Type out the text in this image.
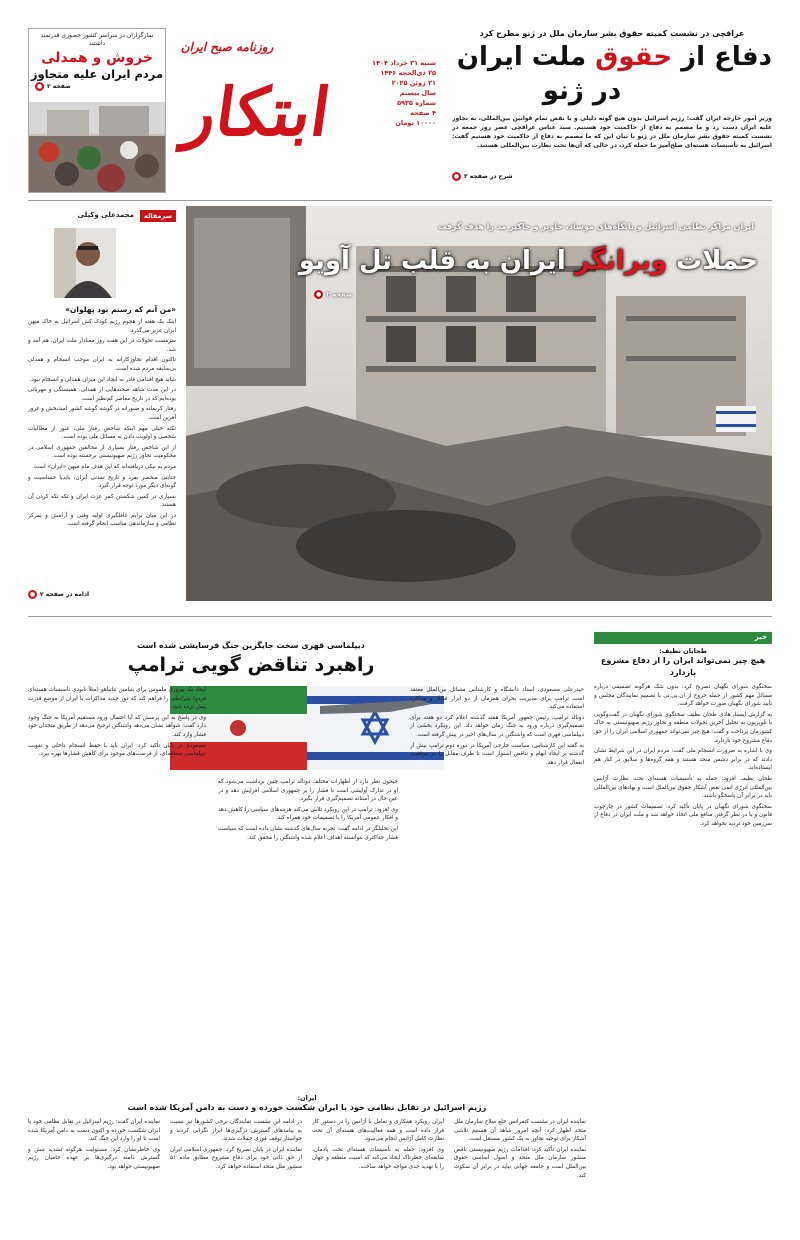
روزنامه صبح ایران
ابتکار
شنبه ۳۱ خرداد ۱۴۰۴
۲۵ ذی‌الحجه ۱۴۴۶
۲۱ ژوئن ۲۰۲۵
سال بیستم
شماره ۵۹۳۵
۴ صفحه
۱۰۰۰۰ تومان
نمازگزاران در سراسر کشور حضوری قدرتمند داشتند
خروش و همدلی
مردم ایران علیه متجاوز
صفحه ۲●
عراقچی در نشست کمیته حقوق بشر سازمان ملل در ژنو مطرح کرد
دفاع از حقوق ملت ایران
در ژنو
وزیر امور خارجه ایران گفت: رژیم اسرائیل بدون هیچ گونه دلیلی و با نقض تمام قوانین بین‌المللی، به تجاوز علیه ایران دست زد و ما مصمم به دفاع از حاکمیت خود هستیم. سید عباس عراقچی عصر روز جمعه در نشست کمیته حقوق بشر سازمان ملل در ژنو با بیان این که ما مصمم به دفاع از حاکمیت خود هستیم گفت: اسرائیل به تأسیسات هسته‌ای صلح‌آمیز ما حمله کرد، در حالی که آن‌ها تحت نظارت بین‌المللی هستند.
شرح در صفحه ۲●
سرمقاله
محمدعلی وکیلی
«من آنم که رستم بود پهلوان»

اینک یک هفته از هجوم رژیم کودک کش اسرائیل به خاک میهن ایران عزیز می‌گذرد.

سرمست تحولات در این هفت روز معنادار ملت ایران، هم آمد و شد.

تاکنون اقدام تجاوزکارانه به ایران موجب انسجام و همدلی بی‌سابقه مردم شده است.

شاید هیچ اقدامی قادر به ایجاد این میزان همدلی و انسجام نبود.

در این مدت شاهد صحنه‌هایی از همدلی، همبستگی و مهربانی بوده‌ایم که در تاریخ معاصر کم‌نظیر است.

رفتار کریمانه و صبورانه در گوشه گوشه کشور امیدبخش و غرور آفرین است.

نکته خیلی مهم اینکه شاخص رفتار ملی، عبور از مطالبات شخصی و اولویت دادن به مسائل ملی بوده است.

از این شاخص رفتار بسیاری از مخالفین جمهوری اسلامی در محکومیت تجاوز رژیم صهیونیستی برجسته بوده است.

مردم به نیکی دریافته‌اند که این هدف مام میهن «ایران» است.

جنایتی منحصر بفرد و تاریخ تمدنی ایران، بایدبا حساسیت و گونه‌ای دیگر مورد توجه قرار گیرد.

بسیاری در کمین شکستن کمر عزت ایران و تکه تکه کردن آن هستند.

در این میان برایم غافلگیری اولیه وقتی و آرامش و تمرکز نظامی و سازماندهی مناسب انجام گرفته است.

ادامه در صفحه ۲●
ایران مراکز نظامی اسرائیل و پایگاه‌های موساد، خاویر و حاکیر مد را هدف گرفت
حملات ویرانگر ایران به قلب تل آویو
صفحه ۲●
خبر
ظحایان نظیف:
هیچ چیز نمی‌تواند ایران را از دفاع مشروع بازدارد

سخنگوی شورای نگهبان تصریح کرد: بدون شک هرگونه تصمیمی درباره مسائل مهم کشور از جمله خروج از ان.پی.تی با تصمیم نمایندگان مجلس و تأیید شورای نگهبان صورت خواهد گرفت.

به گزارش ایسنا، هادی طحان نظیف سخنگوی شورای نگهبان در گفت‌وگویی با تلویزیون به تحلیل آخرین تحولات منطقه و تجاوز رژیم صهیونیستی به خاک کشورمان پرداخت و گفت: هیچ چیز نمی‌تواند جمهوری اسلامی ایران را از حق دفاع مشروع خود بازدارد.

وی با اشاره به ضرورت انسجام ملی گفت: مردم ایران در این شرایط نشان دادند که در برابر دشمن متحد هستند و همه گروه‌ها و سلایق در کنار هم ایستاده‌اند.

طحان نظیف افزود: حمله به تأسیسات هسته‌ای تحت نظارت آژانس بین‌المللی انرژی اتمی نقض آشکار حقوق بین‌الملل است و نهادهای بین‌المللی باید در برابر آن پاسخگو باشند.

سخنگوی شورای نگهبان در پایان تأکید کرد: تصمیمات کشور در چارچوب قانون و با در نظر گرفتن منافع ملی اتخاذ خواهد شد و ملت ایران در دفاع از سرزمین خود تردید نخواهد کرد.

دیپلماسی قهری سخت جایگزین جنگ فرسایشی شده است
راهبرد تناقض گویی ترامپ

حیدرعلی مسعودی، استاد دانشگاه و کارشناس مسائل بین‌الملل معتقد است ترامپ برای مدیریت بحران همزمان از دو ابزار فشار و مذاکره استفاده می‌کند.

دونالد ترامپ، رئیس جمهور آمریکا هفته گذشته اعلام کرد دو هفته برای تصمیم‌گیری درباره ورود به جنگ زمان خواهد داد. این رویکرد بخشی از دیپلماسی قهری است که واشنگتن در سال‌های اخیر در پیش گرفته است.

به گفته این کارشناس، سیاست خارجی آمریکا در دوره دوم ترامپ بیش از گذشته بر ایجاد ابهام و تناقض استوار است تا طرف مقابل را در موقعیت انفعال قرار دهد.

جیحون نظر دارد از اظهارات مختلف دونالد ترامپ چنین برداشت می‌شود که او در تدارک آوایشی است تا فشار را بر جمهوری اسلامی افزایش دهد و در عین حال در آستانه تصمیم‌گیری قرار بگیرد.

وی افزود: ترامپ در این رویکرد تلاش می‌کند هزینه‌های سیاسی را کاهش دهد و افکار عمومی آمریکا را با تصمیمات خود همراه کند.

این تحلیلگر در ادامه گفت: تجربه سال‌های گذشته نشان داده است که سیاست فشار حداکثری نتوانسته اهداف اعلام شده واشنگتن را محقق کند.

ایجاد یک پیروزی ملموس برای بنیامین نتانیاهو (مثلاً نابودی تأسیسات هسته‌ای فردو) شرایطی را فراهم کند که دور جدید مذاکرات با ایران از موضع قدرت پیش برده شود.

وی در پاسخ به این پرسش که آیا احتمال ورود مستقیم آمریکا به جنگ وجود دارد گفت: شواهد نشان می‌دهد واشنگتن ترجیح می‌دهد از طریق متحدان خود فشار وارد کند.

مسعودی در پایان تأکید کرد: ایران باید با حفظ انسجام داخلی و تقویت دیپلماسی منطقه‌ای، از فرصت‌های موجود برای کاهش فشارها بهره ببرد.

ایران:
رژیم اسرائیل در تقابل نظامی خود با ایران شکست خورده و دست به دامن آمریکا شده است

نماینده ایران در نشست کنفرانس خلع سلاح سازمان ملل متحد اظهار کرد: آنچه امروز شاهد آن هستیم تلاشی آشکار برای توجیه تجاوز به یک کشور مستقل است.

نماینده ایران تأکید کرد: اقدامات رژیم صهیونیستی ناقض منشور سازمان ملل متحد و اصول اساسی حقوق بین‌الملل است و جامعه جهانی نباید در برابر آن سکوت کند.

ایران رویکرد همکاری و تعامل با آژانس را در دستور کار قرار داده است و همه فعالیت‌های هسته‌ای آن تحت نظارت کامل آژانس انجام می‌شود.

وی افزود: حمله به تأسیسات هسته‌ای تحت پادمان، سابقه‌ای خطرناک ایجاد می‌کند که امنیت منطقه و جهان را با تهدید جدی مواجه خواهد ساخت.

در ادامه این نشست نمایندگان برخی کشورها نیز نسبت به پیامدهای گسترش درگیری‌ها ابراز نگرانی کردند و خواستار توقف فوری حملات شدند.

نماینده ایران در پایان تصریح کرد: جمهوری اسلامی ایران از حق ذاتی خود برای دفاع مشروع مطابق ماده ۵۱ منشور ملل متحد استفاده خواهد کرد.

نماینده ایران گفت: رژیم اسرائیل در تقابل نظامی خود با ایران شکست خورده و اکنون دست به دامن آمریکا شده است تا او را وارد این جنگ کند.

وی خاطرنشان کرد: مسئولیت هرگونه تشدید تنش و گسترش دامنه درگیری‌ها بر عهده حامیان رژیم صهیونیستی خواهد بود.
